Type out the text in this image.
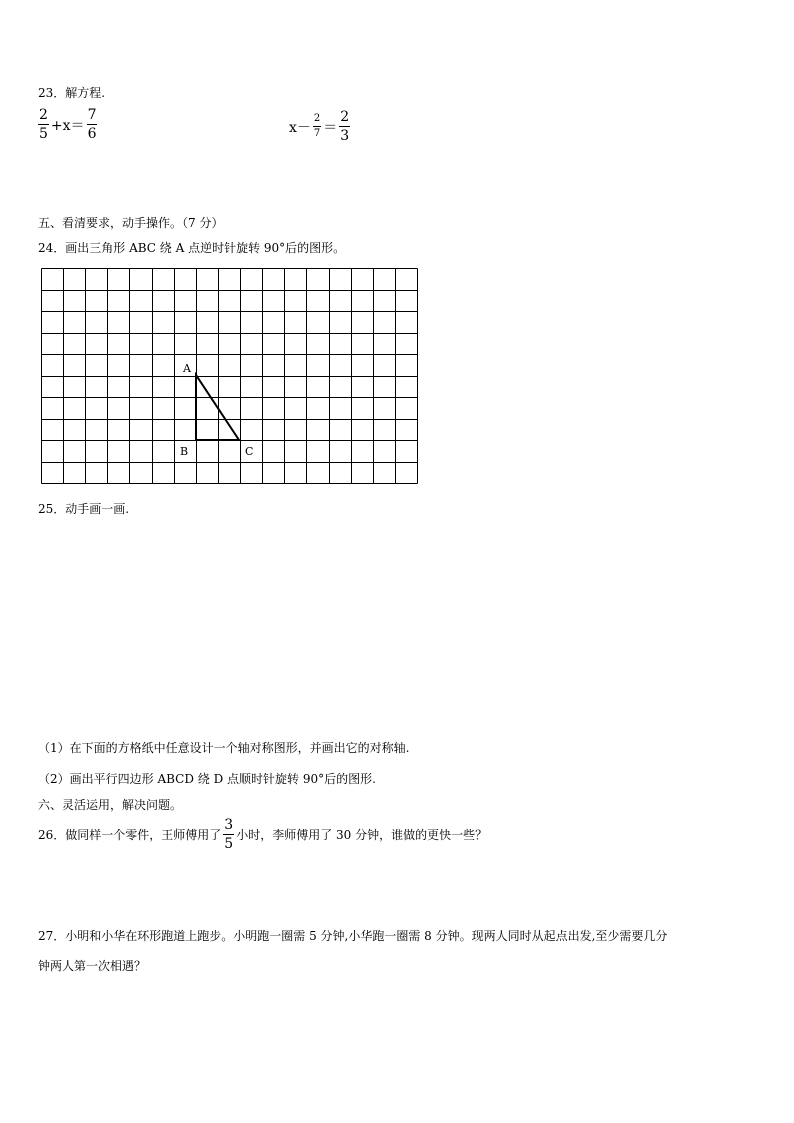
23．解方程.
$\frac{2}{5} +x= \frac{7}{6}$	$x- \frac{2}{7} = \frac{2}{3}$
五、看清要求，动手操作。（7 分）
24．画出三角形 ABC 绕 A 点逆时针旋转 90°后的图形。
A
B	C
25．动手画一画.
（1）在下面的方格纸中任意设计一个轴对称图形，并画出它的对称轴.
（2）画出平行四边形 ABCD 绕 D 点顺时针旋转 90°后的图形.
六、灵活运用，解决问题。
26．做同样一个零件，王师傅用了 $\frac{3}{5}$ 小时，李师傅用了 30 分钟，谁做的更快一些？
27．小明和小华在环形跑道上跑步。小明跑一圈需 5 分钟,小华跑一圈需 8 分钟。现两人同时从起点出发,至少需要几分
钟两人第一次相遇？
